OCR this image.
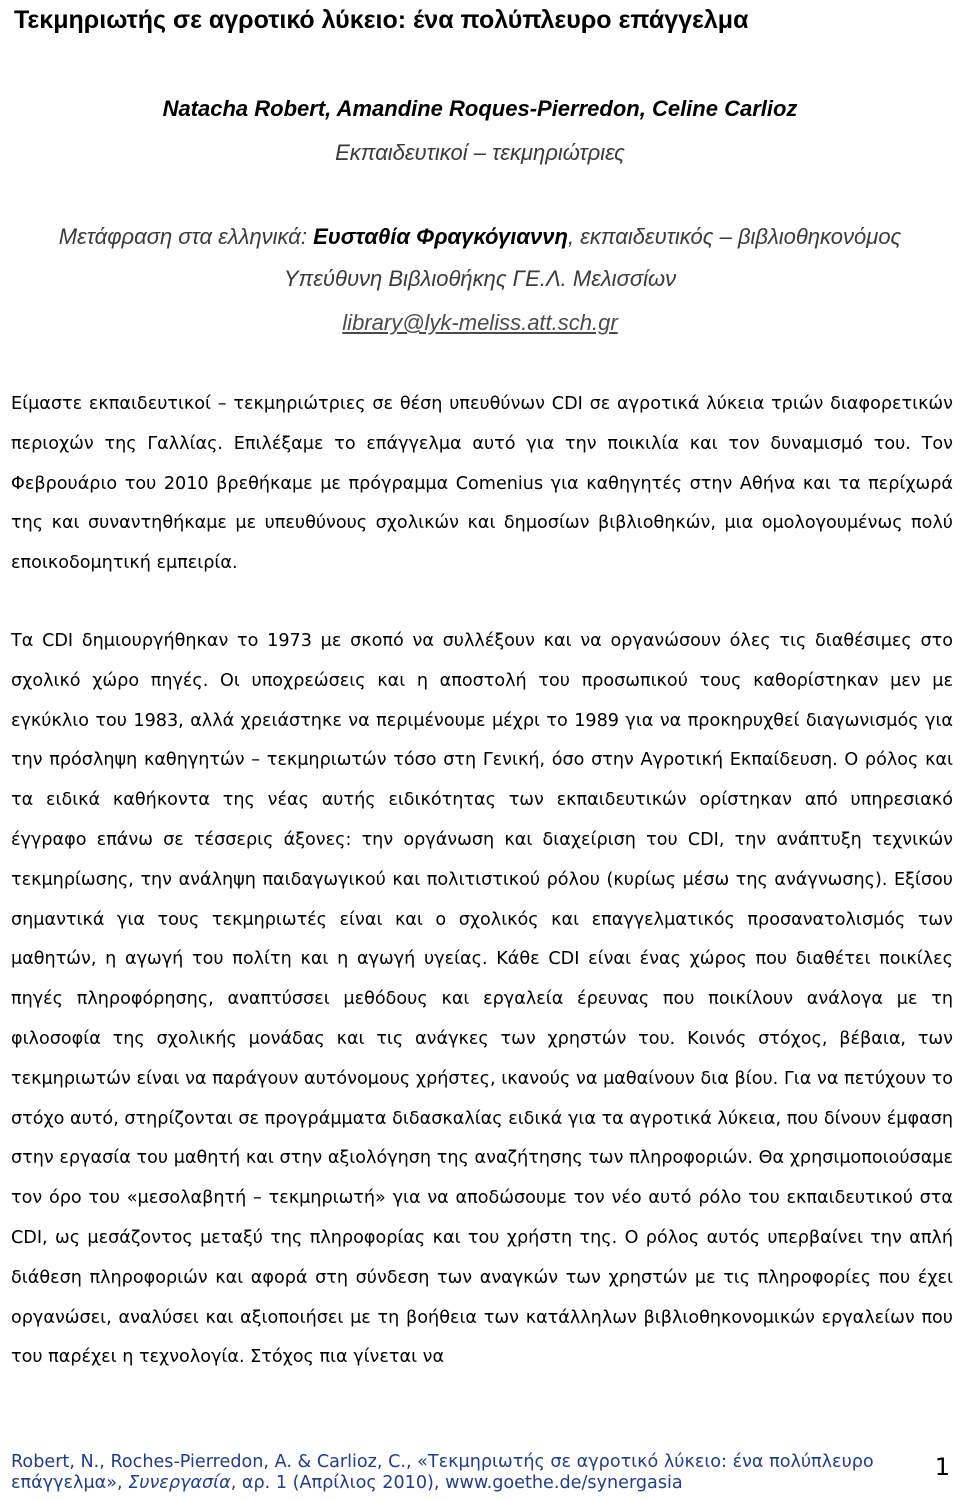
Τεκμηριωτής σε αγροτικό λύκειο: ένα πολύπλευρο επάγγελμα
Natacha Robert, Amandine Roques-Pierredon, Celine Carlioz
Εκπαιδευτικοί – τεκμηριώτριες
Μετάφραση στα ελληνικά: Ευσταθία Φραγκόγιαννη, εκπαιδευτικός – βιβλιοθηκονόμος
Υπεύθυνη Βιβλιοθήκης ΓΕ.Λ. Μελισσίων
library@lyk-meliss.att.sch.gr

Είμαστε εκπαιδευτικοί – τεκμηριώτριες σε θέση υπευθύνων CDI σε αγροτικά λύκεια τριών διαφορετικών περιοχών της Γαλλίας. Επιλέξαμε το επάγγελμα αυτό για την ποικιλία και τον δυναμισμό του. Τον Φεβρουάριο του 2010 βρεθήκαμε με πρόγραμμα Comenius για καθηγητές στην Αθήνα και τα περίχωρά της και συναντηθήκαμε με υπευθύνους σχολικών και δημοσίων βιβλιοθηκών, μια ομολογουμένως πολύ εποικοδομητική εμπειρία.

Τα CDI δημιουργήθηκαν το 1973 με σκοπό να συλλέξουν και να οργανώσουν όλες τις διαθέσιμες στο σχολικό χώρο πηγές. Οι υποχρεώσεις και η αποστολή του προσωπικού τους καθορίστηκαν μεν με εγκύκλιο του 1983, αλλά χρειάστηκε να περιμένουμε μέχρι το 1989 για να προκηρυχθεί διαγωνισμός για την πρόσληψη καθηγητών – τεκμηριωτών τόσο στη Γενική, όσο στην Αγροτική Εκπαίδευση. Ο ρόλος και τα ειδικά καθήκοντα της νέας αυτής ειδικότητας των εκπαιδευτικών ορίστηκαν από υπηρεσιακό έγγραφο επάνω σε τέσσερις άξονες: την οργάνωση και διαχείριση του CDI, την ανάπτυξη τεχνικών τεκμηρίωσης, την ανάληψη παιδαγωγικού και πολιτιστικού ρόλου (κυρίως μέσω της ανάγνωσης). Εξίσου σημαντικά για τους τεκμηριωτές είναι και ο σχολικός και επαγγελματικός προσανατολισμός των μαθητών, η αγωγή του πολίτη και η αγωγή υγείας. Κάθε CDI είναι ένας χώρος που διαθέτει ποικίλες πηγές πληροφόρησης, αναπτύσσει μεθόδους και εργαλεία έρευνας που ποικίλουν ανάλογα με τη φιλοσοφία της σχολικής μονάδας και τις ανάγκες των χρηστών του. Κοινός στόχος, βέβαια, των τεκμηριωτών είναι να παράγουν αυτόνομους χρήστες, ικανούς να μαθαίνουν δια βίου. Για να πετύχουν το στόχο αυτό, στηρίζονται σε προγράμματα διδασκαλίας ειδικά για τα αγροτικά λύκεια, που δίνουν έμφαση στην εργασία του μαθητή και στην αξιολόγηση της αναζήτησης των πληροφοριών. Θα χρησιμοποιούσαμε τον όρο του «μεσολαβητή – τεκμηριωτή» για να αποδώσουμε τον νέο αυτό ρόλο του εκπαιδευτικού στα CDI, ως μεσάζοντος μεταξύ της πληροφορίας και του χρήστη της. Ο ρόλος αυτός υπερβαίνει την απλή διάθεση πληροφοριών και αφορά στη σύνδεση των αναγκών των χρηστών με τις πληροφορίες που έχει οργανώσει, αναλύσει και αξιοποιήσει με τη βοήθεια των κατάλληλων βιβλιοθηκονομικών εργαλείων που του παρέχει η τεχνολογία. Στόχος πια γίνεται να

Robert, N., Roches-Pierredon, A. & Carlioz, C., «Τεκμηριωτής σε αγροτικό λύκειο: ένα πολύπλευρο επάγγελμα», Συνεργασία, αρ. 1 (Απρίλιος 2010), www.goethe.de/synergasia
1
